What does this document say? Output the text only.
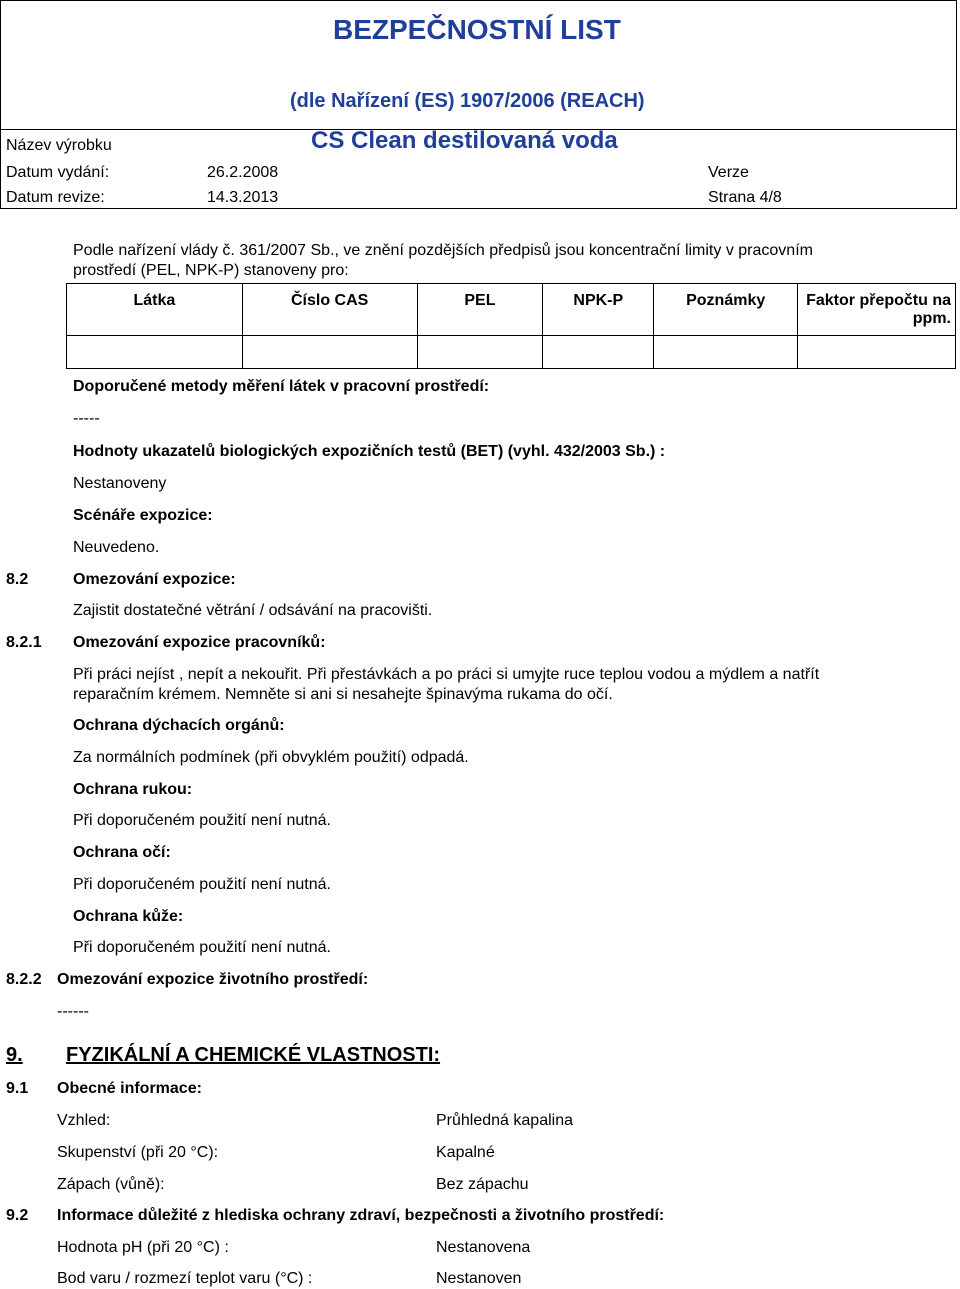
BEZPEČNOSTNÍ LIST
(dle Nařízení (ES) 1907/2006 (REACH)
Název výrobku	CS Clean destilovaná voda
Datum vydání:	26.2.2008	Verze
Datum revize:	14.3.2013	Strana 4/8
Podle nařízení vlády č. 361/2007 Sb., ve znění pozdějších předpisů jsou koncentrační limity v pracovním
prostředí (PEL, NPK-P) stanoveny pro:
Látka	Číslo CAS	PEL	NPK-P	Poznámky	Faktor přepočtu na ppm.

Doporučené metody měření látek v pracovní prostředí:
-----
Hodnoty ukazatelů biologických expozičních testů (BET) (vyhl. 432/2003 Sb.) :
Nestanoveny
Scénáře expozice:
Neuvedeno.
8.2	Omezování expozice:
Zajistit dostatečné větrání / odsávání na pracovišti.
8.2.1 Omezování expozice pracovníků:
Při práci nejíst , nepít a nekouřit. Při přestávkách a po práci si umyjte ruce teplou vodou a mýdlem a natřít
reparačním krémem. Nemněte si ani si nesahejte špinavýma rukama do očí.
Ochrana dýchacích orgánů:
Za normálních podmínek (při obvyklém použití) odpadá.
Ochrana rukou:
Při doporučeném použití není nutná.
Ochrana očí:
Při doporučeném použití není nutná.
Ochrana kůže:
Při doporučeném použití není nutná.
8.2.2 Omezování expozice životního prostředí:
------
9. FYZIKÁLNÍ A CHEMICKÉ VLASTNOSTI:
9.1 Obecné informace:
Vzhled:	Průhledná kapalina
Skupenství (při 20 °C):	Kapalné
Zápach (vůně):	Bez zápachu
9.2 Informace důležité z hlediska ochrany zdraví, bezpečnosti a životního prostředí:
Hodnota pH (při 20 °C) :	Nestanovena
Bod varu / rozmezí teplot varu (°C) :	Nestanoven
